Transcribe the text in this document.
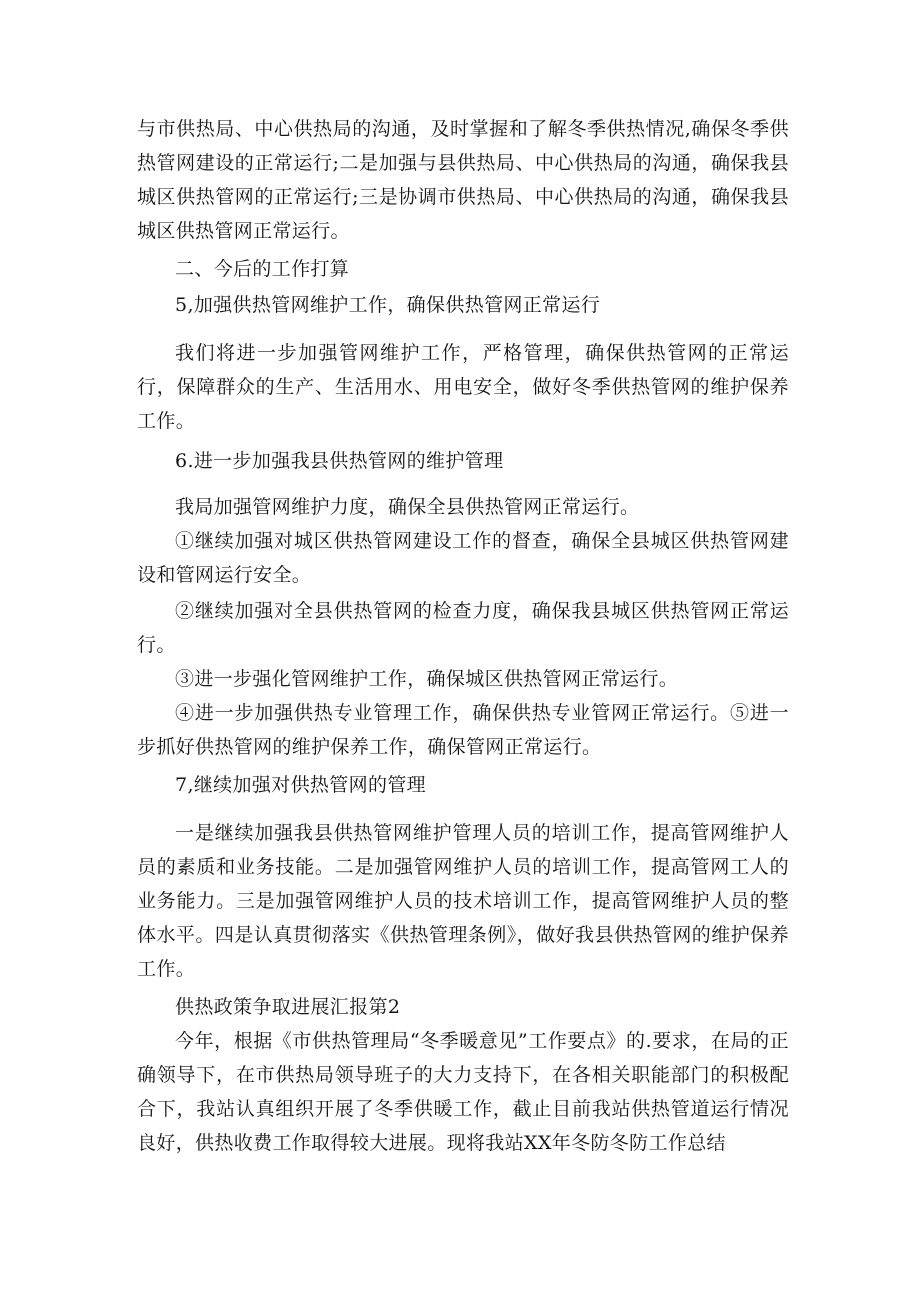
与市供热局、中心供热局的沟通，及时掌握和了解冬季供热情况,确保冬季供热管网建设的正常运行;二是加强与县供热局、中心供热局的沟通，确保我县城区供热管网的正常运行;三是协调市供热局、中心供热局的沟通，确保我县城区供热管网正常运行。

二、今后的工作打算

5,加强供热管网维护工作，确保供热管网正常运行

我们将进一步加强管网维护工作，严格管理，确保供热管网的正常运行，保障群众的生产、生活用水、用电安全，做好冬季供热管网的维护保养工作。

6.进一步加强我县供热管网的维护管理

我局加强管网维护力度，确保全县供热管网正常运行。

①继续加强对城区供热管网建设工作的督查，确保全县城区供热管网建设和管网运行安全。

②继续加强对全县供热管网的检查力度，确保我县城区供热管网正常运行。

③进一步强化管网维护工作，确保城区供热管网正常运行。

④进一步加强供热专业管理工作，确保供热专业管网正常运行。⑤进一步抓好供热管网的维护保养工作，确保管网正常运行。

7,继续加强对供热管网的管理

一是继续加强我县供热管网维护管理人员的培训工作，提高管网维护人员的素质和业务技能。二是加强管网维护人员的培训工作，提高管网工人的业务能力。三是加强管网维护人员的技术培训工作，提高管网维护人员的整体水平。四是认真贯彻落实《供热管理条例》，做好我县供热管网的维护保养工作。

供热政策争取进展汇报第2

今年，根据《市供热管理局“冬季暖意见”工作要点》的.要求，在局的正确领导下，在市供热局领导班子的大力支持下，在各相关职能部门的积极配合下，我站认真组织开展了冬季供暖工作，截止目前我站供热管道运行情况良好，供热收费工作取得较大进展。现将我站XX年冬防冬防工作总结
